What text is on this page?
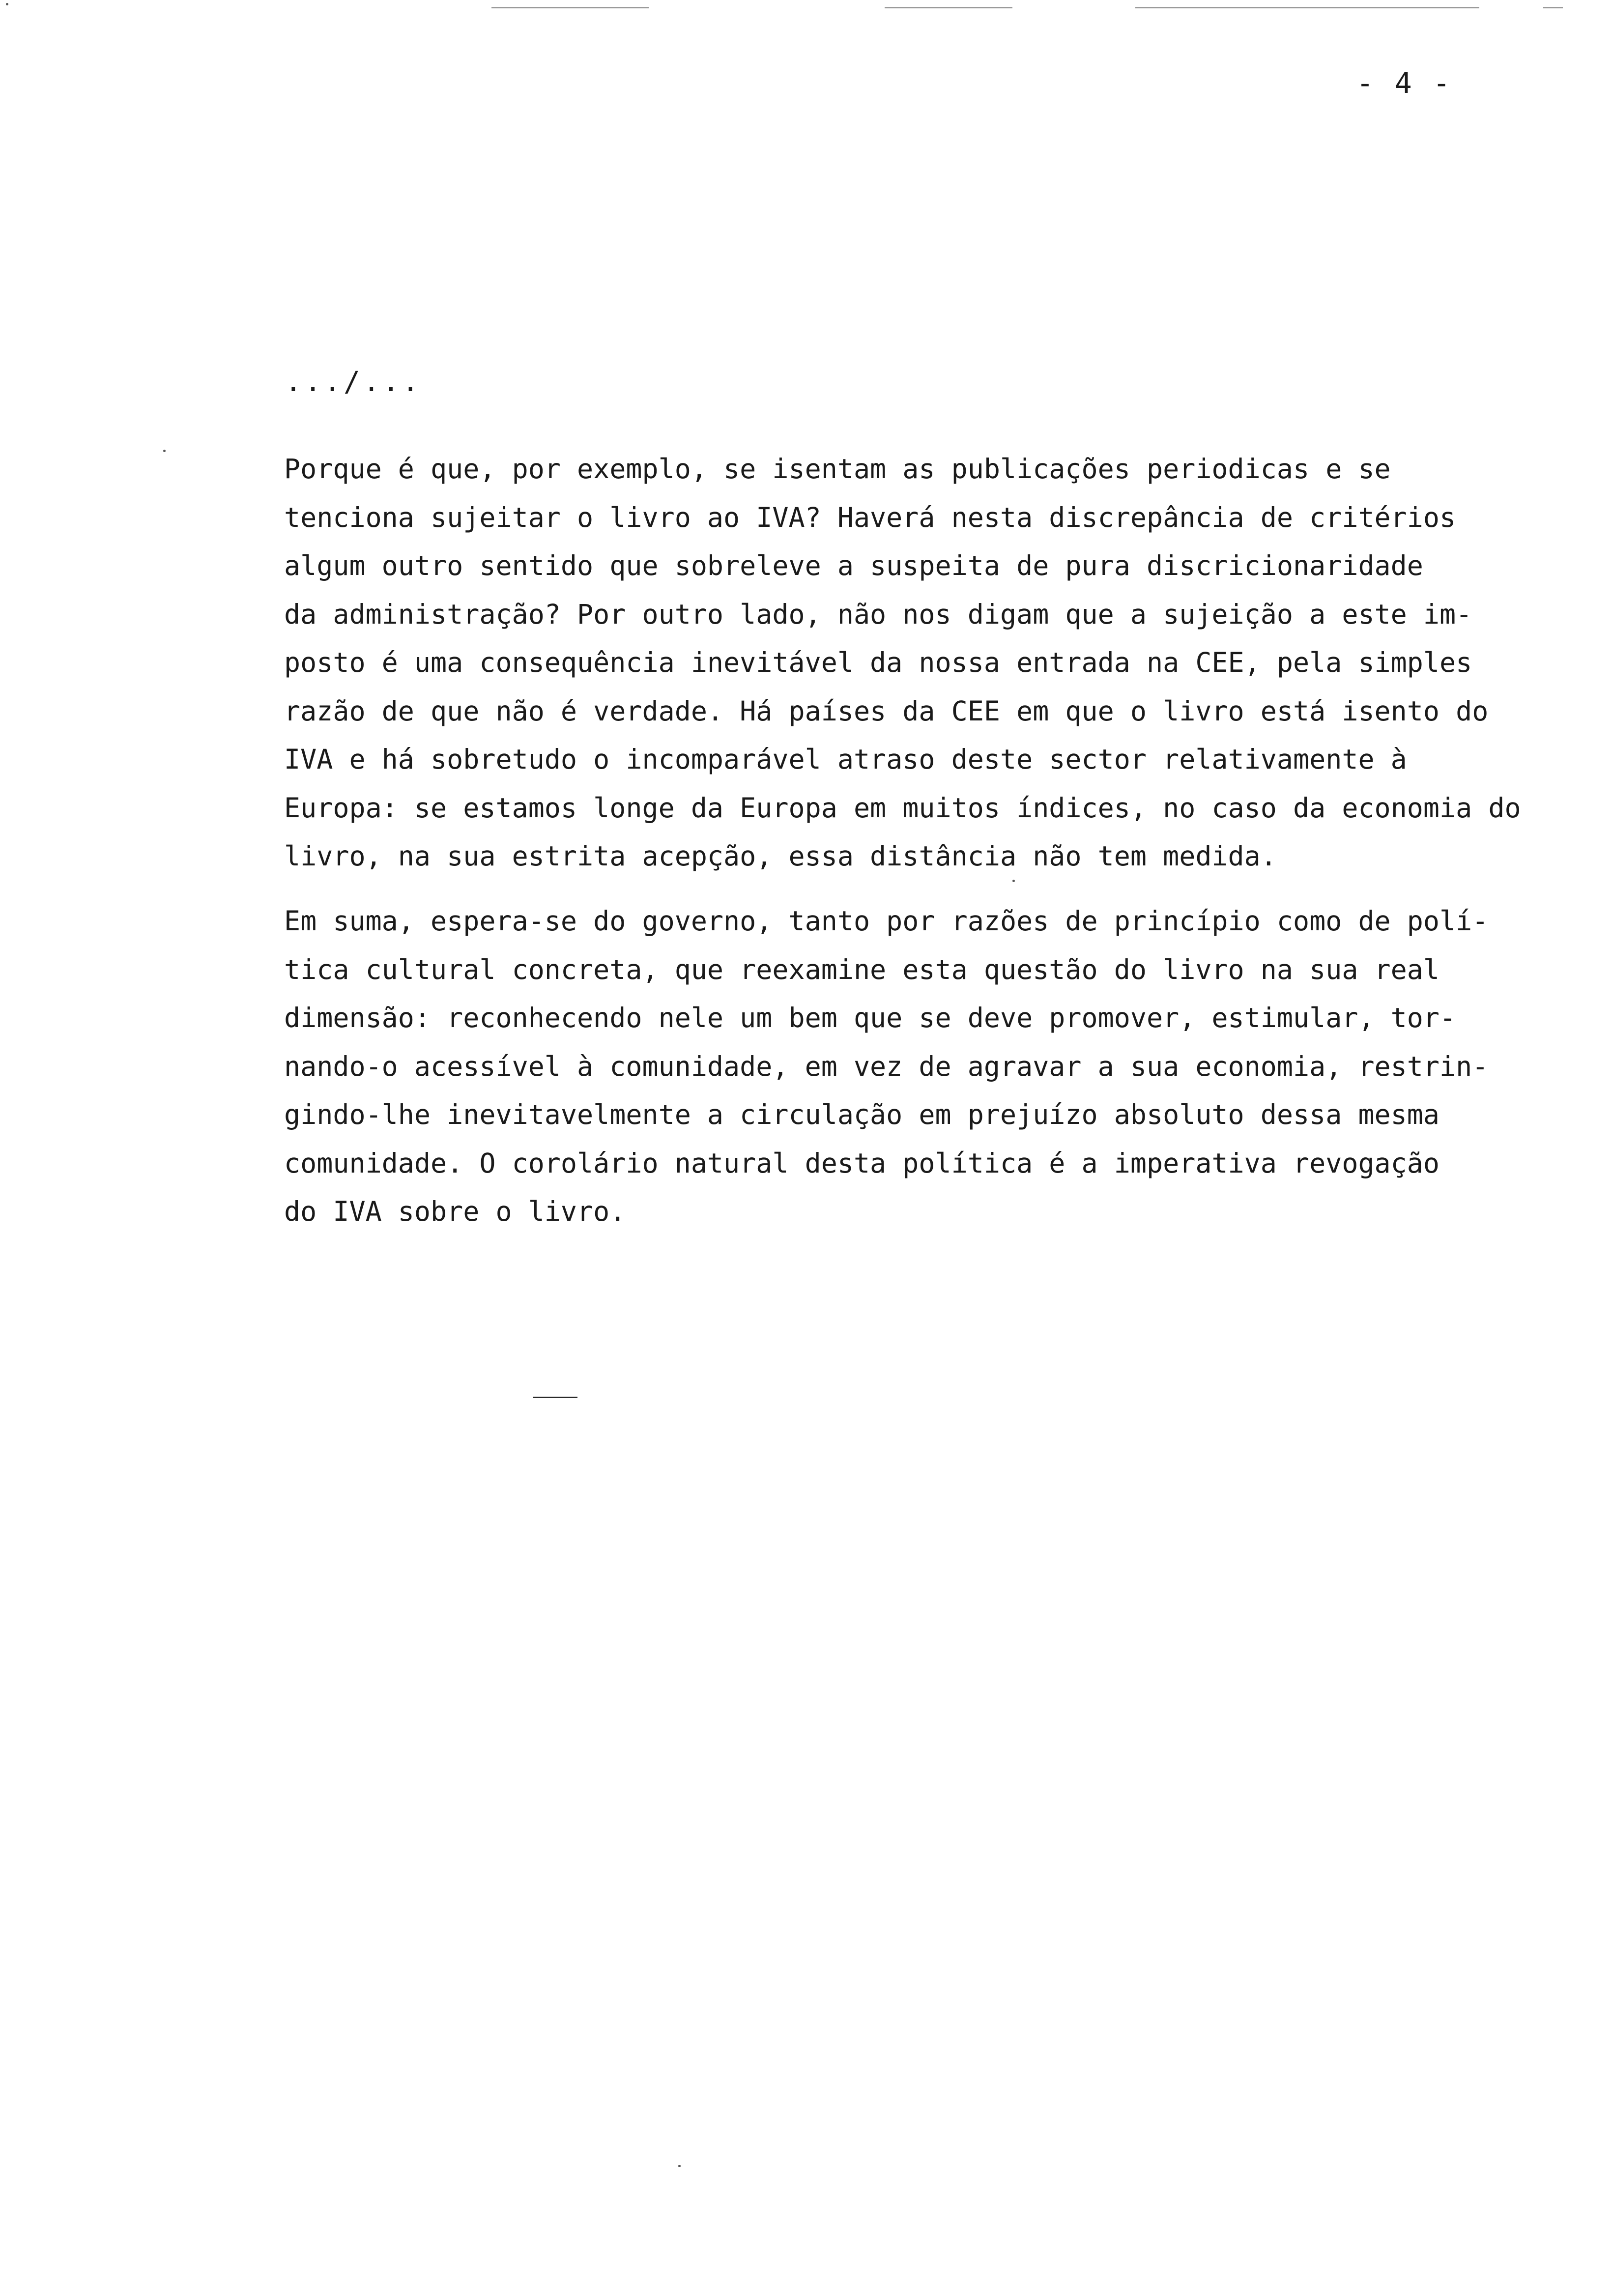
- 4 -
.../...
Porque é que, por exemplo, se isentam as publicações periodicas e se
tenciona sujeitar o livro ao IVA? Haverá nesta discrepância de critérios
algum outro sentido que sobreleve a suspeita de pura discricionaridade
da administração? Por outro lado, não nos digam que a sujeição a este im-
posto é uma consequência inevitável da nossa entrada na CEE, pela simples
razão de que não é verdade. Há países da CEE em que o livro está isento do
IVA e há sobretudo o incomparável atraso deste sector relativamente à
Europa: se estamos longe da Europa em muitos índices, no caso da economia do
livro, na sua estrita acepção, essa distância não tem medida.
Em suma, espera-se do governo, tanto por razões de princípio como de polí-
tica cultural concreta, que reexamine esta questão do livro na sua real
dimensão: reconhecendo nele um bem que se deve promover, estimular, tor-
nando-o acessível à comunidade, em vez de agravar a sua economia, restrin-
gindo-lhe inevitavelmente a circulação em prejuízo absoluto dessa mesma
comunidade. O corolário natural desta política é a imperativa revogação
do IVA sobre o livro.
